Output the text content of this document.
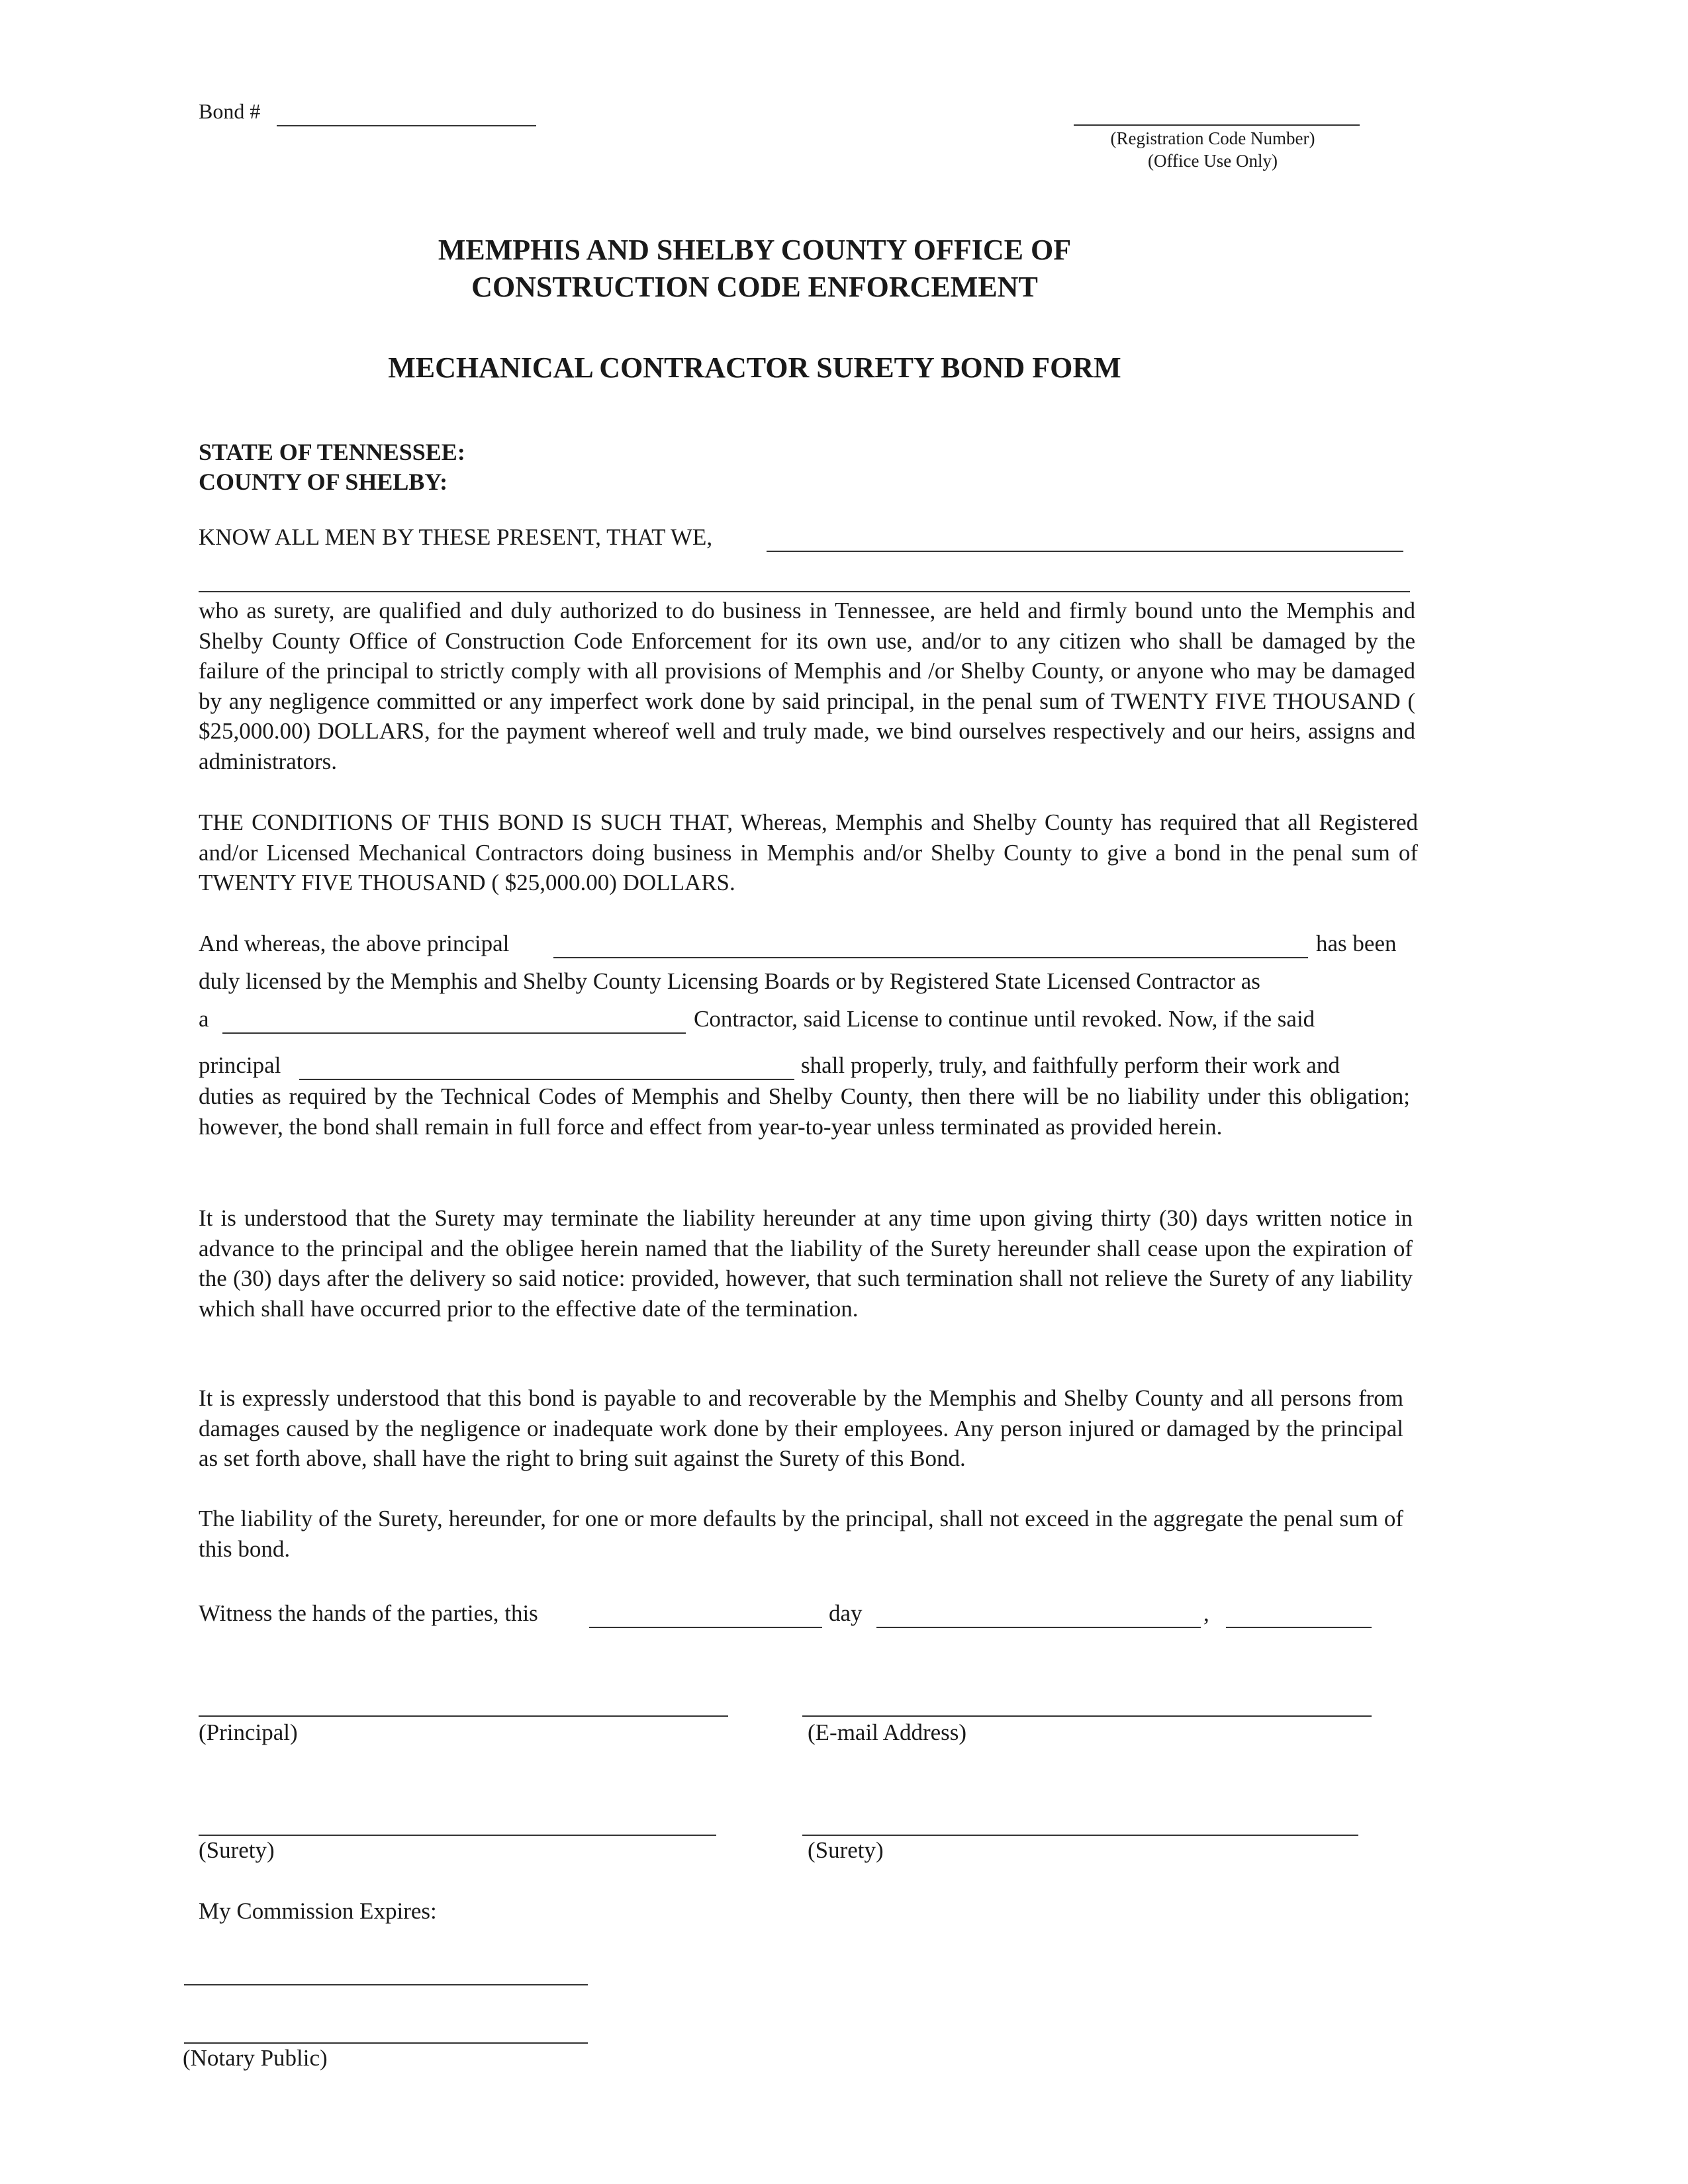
Bond #
(Registration Code Number)
(Office Use Only)
MEMPHIS AND SHELBY COUNTY OFFICE OF
CONSTRUCTION CODE ENFORCEMENT
MECHANICAL CONTRACTOR SURETY BOND FORM
STATE OF TENNESSEE:
COUNTY OF SHELBY:
KNOW ALL MEN BY THESE PRESENT, THAT WE,
who as surety, are qualified and duly authorized to do business in Tennessee, are held and firmly bound unto the Memphis and Shelby County Office of Construction Code Enforcement for its own use, and/or to any citizen who shall be damaged by the failure of the principal to strictly comply with all provisions of Memphis and /or Shelby County, or anyone who may be damaged by any negligence committed or any imperfect work done by said principal, in the penal sum of TWENTY FIVE THOUSAND ( $25,000.00) DOLLARS, for the payment whereof well and truly made, we bind ourselves respectively and our heirs, assigns and administrators.
THE CONDITIONS OF THIS BOND IS SUCH THAT, Whereas, Memphis and Shelby County has required that all Registered and/or Licensed Mechanical Contractors doing business in Memphis and/or Shelby County to give a bond in the penal sum of TWENTY FIVE THOUSAND ( $25,000.00) DOLLARS.
And whereas, the above principal	has been
duly licensed by the Memphis and Shelby County Licensing Boards or by Registered State Licensed Contractor as
a	Contractor, said License to continue until revoked. Now, if the said
principal	shall properly, truly, and faithfully perform their work and
duties as required by the Technical Codes of Memphis and Shelby County, then there will be no liability under this obligation; however, the bond shall remain in full force and effect from year-to-year unless terminated as provided herein.
It is understood that the Surety may terminate the liability hereunder at any time upon giving thirty (30) days written notice in advance to the principal and the obligee herein named that the liability of the Surety hereunder shall cease upon the expiration of the (30) days after the delivery so said notice: provided, however, that such termination shall not relieve the Surety of any liability which shall have occurred prior to the effective date of the termination.
It is expressly understood that this bond is payable to and recoverable by the Memphis and Shelby County and all persons from damages caused by the negligence or inadequate work done by their employees. Any person injured or damaged by the principal as set forth above, shall have the right to bring suit against the Surety of this Bond.
The liability of the Surety, hereunder, for one or more defaults by the principal, shall not exceed in the aggregate the penal sum of this bond.
Witness the hands of the parties, this	day	,
(Principal)	(E-mail Address)
(Surety)	(Surety)
My Commission Expires:
(Notary Public)
